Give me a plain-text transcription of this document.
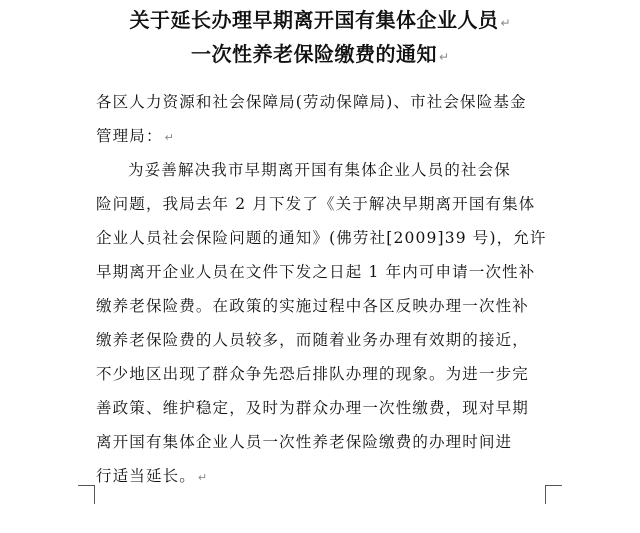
关于延长办理早期离开国有集体企业人员 ↵
一次性养老保险缴费的通知 ↵
各区人力资源和社会保障局(劳动保障局)、市社会保险基金
管理局： ↵
为妥善解决我市早期离开国有集体企业人员的社会保
险问题，我局去年 2 月下发了《关于解决早期离开国有集体
企业人员社会保险问题的通知》(佛劳社[2009]39 号)，允许
早期离开企业人员在文件下发之日起 1 年内可申请一次性补
缴养老保险费。在政策的实施过程中各区反映办理一次性补
缴养老保险费的人员较多，而随着业务办理有效期的接近，
不少地区出现了群众争先恐后排队办理的现象。为进一步完
善政策、维护稳定，及时为群众办理一次性缴费，现对早期
离开国有集体企业人员一次性养老保险缴费的办理时间进
行适当延长。 ↵
